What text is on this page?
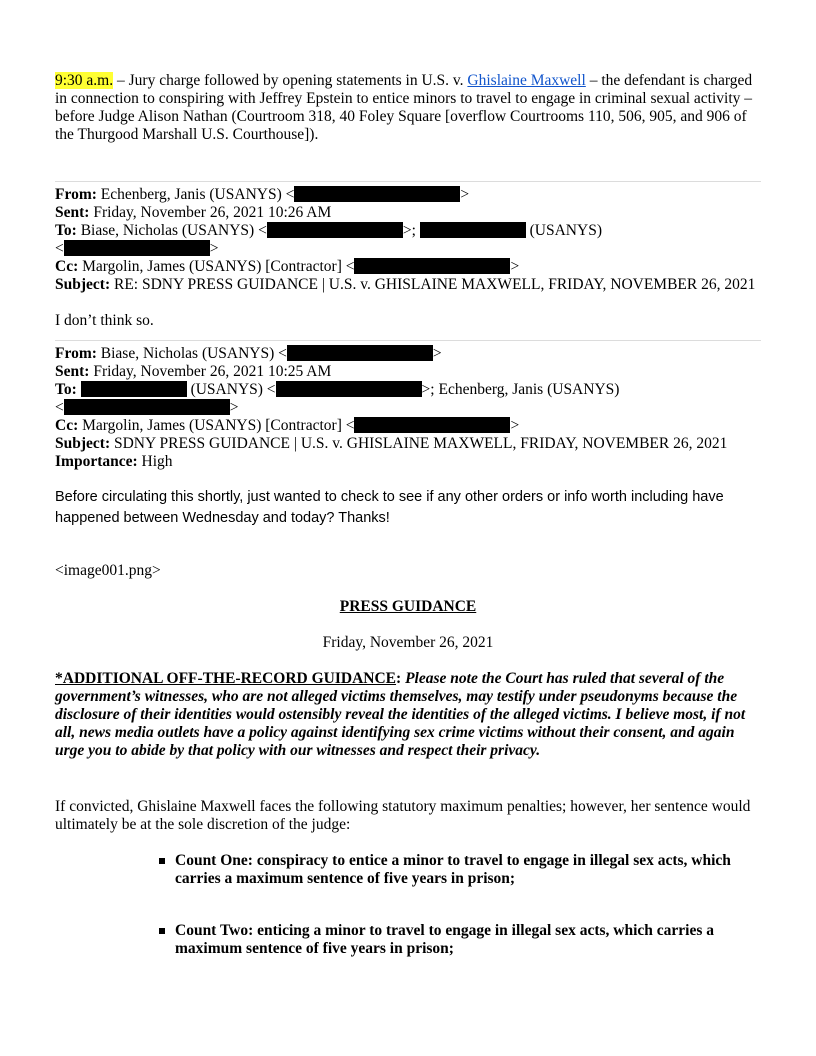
9:30 a.m. – Jury charge followed by opening statements in U.S. v. Ghislaine Maxwell – the defendant is charged in connection to conspiring with Jeffrey Epstein to entice minors to travel to engage in criminal sexual activity – before Judge Alison Nathan (Courtroom 318, 40 Foley Square [overflow Courtrooms 110, 506, 905, and 906 of the Thurgood Marshall U.S. Courthouse]).

From: Echenberg, Janis (USANYS) <	>

Sent: Friday, November 26, 2021 10:26 AM

To: Biase, Nicholas (USANYS) <	>;	(USANYS)

<	>

Cc: Margolin, James (USANYS) [Contractor] <	>

Subject: RE: SDNY PRESS GUIDANCE | U.S. v. GHISLAINE MAXWELL, FRIDAY, NOVEMBER 26, 2021

I don’t think so.

From: Biase, Nicholas (USANYS) <	>

Sent: Friday, November 26, 2021 10:25 AM

To:	(USANYS) <	>; Echenberg, Janis (USANYS)

<	>

Cc: Margolin, James (USANYS) [Contractor] <	>

Subject: SDNY PRESS GUIDANCE | U.S. v. GHISLAINE MAXWELL, FRIDAY, NOVEMBER 26, 2021

Importance: High

Before circulating this shortly, just wanted to check to see if any other orders or info worth including have happened between Wednesday and today? Thanks!

<image001.png>

PRESS GUIDANCE

Friday, November 26, 2021

*ADDITIONAL OFF-THE-RECORD GUIDANCE: Please note the Court has ruled that several of the government’s witnesses, who are not alleged victims themselves, may testify under pseudonyms because the disclosure of their identities would ostensibly reveal the identities of the alleged victims. I believe most, if not all, news media outlets have a policy against identifying sex crime victims without their consent, and again urge you to abide by that policy with our witnesses and respect their privacy.

If convicted, Ghislaine Maxwell faces the following statutory maximum penalties; however, her sentence would ultimately be at the sole discretion of the judge:

Count One: conspiracy to entice a minor to travel to engage in illegal sex acts, which carries a maximum sentence of five years in prison;
Count Two: enticing a minor to travel to engage in illegal sex acts, which carries a maximum sentence of five years in prison;
